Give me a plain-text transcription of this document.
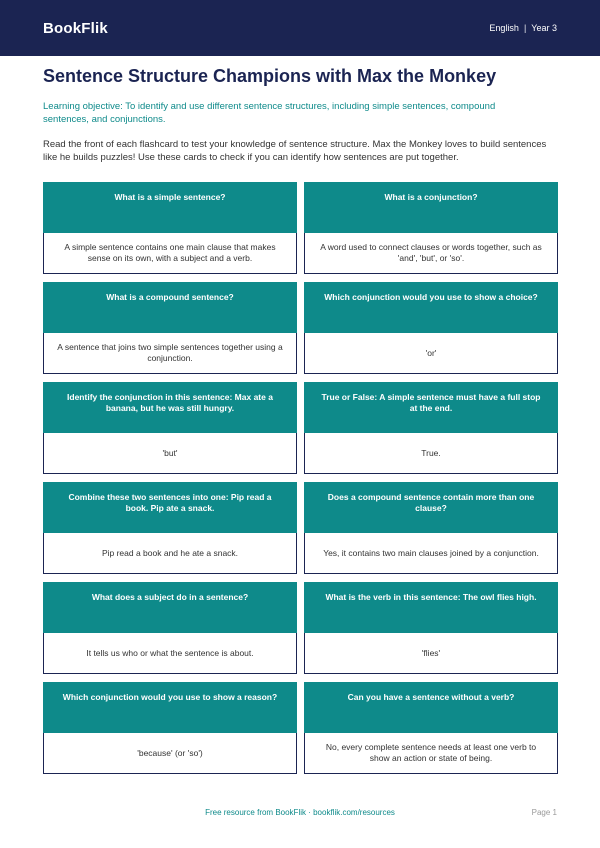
BookFlik	English | Year 3
Sentence Structure Champions with Max the Monkey

Learning objective: To identify and use different sentence structures, including simple sentences, compound sentences, and conjunctions.

Read the front of each flashcard to test your knowledge of sentence structure. Max the Monkey loves to build sentences like he builds puzzles! Use these cards to check if you can identify how sentences are put together.

What is a simple sentence?
A simple sentence contains one main clause that makes sense on its own, with a subject and a verb.
What is a conjunction?
A word used to connect clauses or words together, such as 'and', 'but', or 'so'.
What is a compound sentence?
A sentence that joins two simple sentences together using a conjunction.
Which conjunction would you use to show a choice?
'or'
Identify the conjunction in this sentence: Max ate a banana, but he was still hungry.
'but'
True or False: A simple sentence must have a full stop at the end.
True.
Combine these two sentences into one: Pip read a book. Pip ate a snack.
Pip read a book and he ate a snack.
Does a compound sentence contain more than one clause?
Yes, it contains two main clauses joined by a conjunction.
What does a subject do in a sentence?
It tells us who or what the sentence is about.
What is the verb in this sentence: The owl flies high.
'flies'
Which conjunction would you use to show a reason?
'because' (or 'so')
Can you have a sentence without a verb?
No, every complete sentence needs at least one verb to show an action or state of being.
Free resource from BookFlik · bookflik.com/resources	Page 1
